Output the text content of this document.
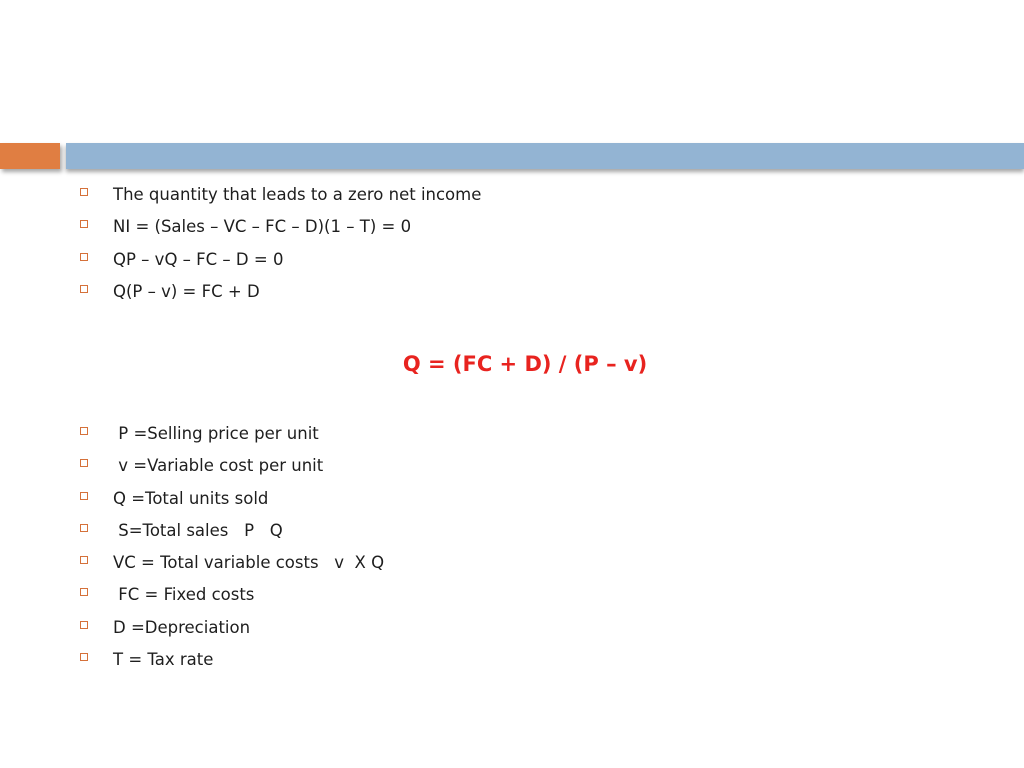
The quantity that leads to a zero net income
NI = (Sales – VC – FC – D)(1 – T) = 0
QP – vQ – FC – D = 0
Q(P – v) = FC + D
Q = (FC + D) / (P – v)
P =Selling price per unit
v =Variable cost per unit
Q =Total units sold
S=Total sales   P   Q
VC = Total variable costs   v  X Q
FC = Fixed costs
D =Depreciation
T = Tax rate
